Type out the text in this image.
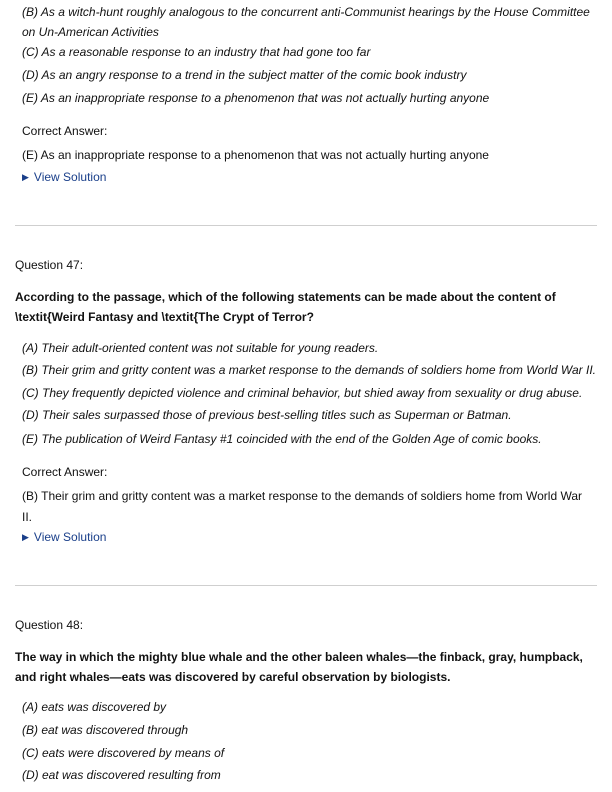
(B) As a witch-hunt roughly analogous to the concurrent anti-Communist hearings by the House Committee on Un-American Activities
(C) As a reasonable response to an industry that had gone too far
(D) As an angry response to a trend in the subject matter of the comic book industry
(E) As an inappropriate response to a phenomenon that was not actually hurting anyone
Correct Answer:
(E) As an inappropriate response to a phenomenon that was not actually hurting anyone
▶ View Solution
Question 47:
According to the passage, which of the following statements can be made about the content of \textit{Weird Fantasy and \textit{The Crypt of Terror?
(A) Their adult-oriented content was not suitable for young readers.
(B) Their grim and gritty content was a market response to the demands of soldiers home from World War II.
(C) They frequently depicted violence and criminal behavior, but shied away from sexuality or drug abuse.
(D) Their sales surpassed those of previous best-selling titles such as Superman or Batman.
(E) The publication of Weird Fantasy #1 coincided with the end of the Golden Age of comic books.
Correct Answer:
(B) Their grim and gritty content was a market response to the demands of soldiers home from World War II.
▶ View Solution
Question 48:
The way in which the mighty blue whale and the other baleen whales—the finback, gray, humpback, and right whales—eats was discovered by careful observation by biologists.
(A) eats was discovered by
(B) eat was discovered through
(C) eats were discovered by means of
(D) eat was discovered resulting from
